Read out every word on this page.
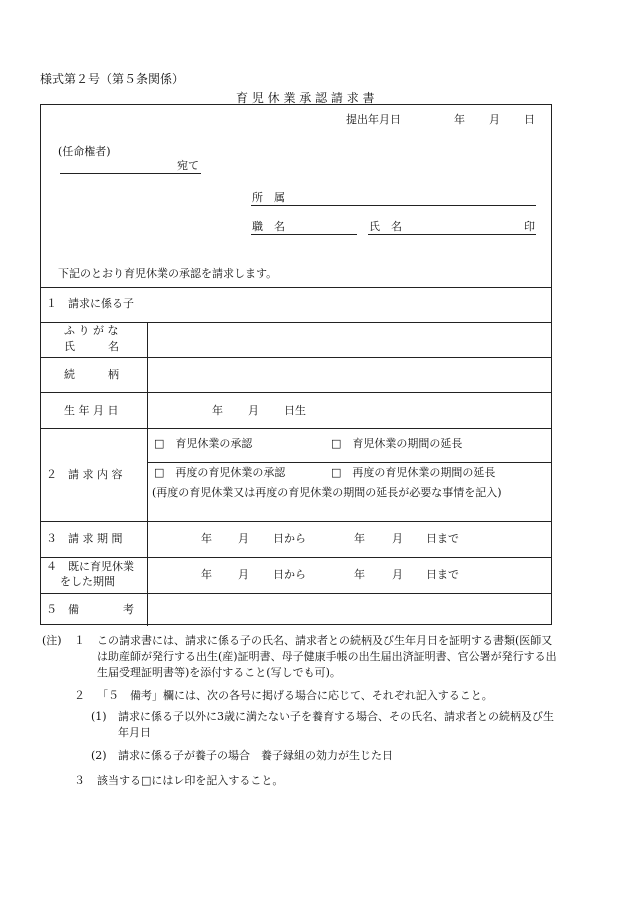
様式第２号（第５条関係）
育 児 休 業 承 認 請 求 書
提出年月日	年 月 日
(任命権者)
宛て
所　属
職　名	氏　名	印
下記のとおり育児休業の承認を請求します。
１　請求に係る子
ふ り が な
氏　　　名
続　　　柄
生 年 月 日	年 月 日生
２　請 求 内 容
□　育児休業の承認	□　育児休業の期間の延長
□　再度の育児休業の承認	□　再度の育児休業の期間の延長
(再度の育児休業又は再度の育児休業の期間の延長が必要な事情を記入)
３　請 求 期 間	年 月 日から	年 月 日まで
４　既に育児休業
をした期間
年 月 日から	年 月 日まで
５　備　　　　考
(注) １ この請求書には、請求に係る子の氏名、請求者との続柄及び生年月日を証明する書類(医師又
は助産師が発行する出生(産)証明書、母子健康手帳の出生届出済証明書、官公署が発行する出
生届受理証明書等)を添付すること(写しでも可)。
２ 「５　備考」欄には、次の各号に掲げる場合に応じて、それぞれ記入すること。
(1) 請求に係る子以外に3歳に満たない子を養育する場合、その氏名、請求者との続柄及び生
年月日
(2) 請求に係る子が養子の場合　養子縁組の効力が生じた日
３ 該当する□にはレ印を記入すること。
